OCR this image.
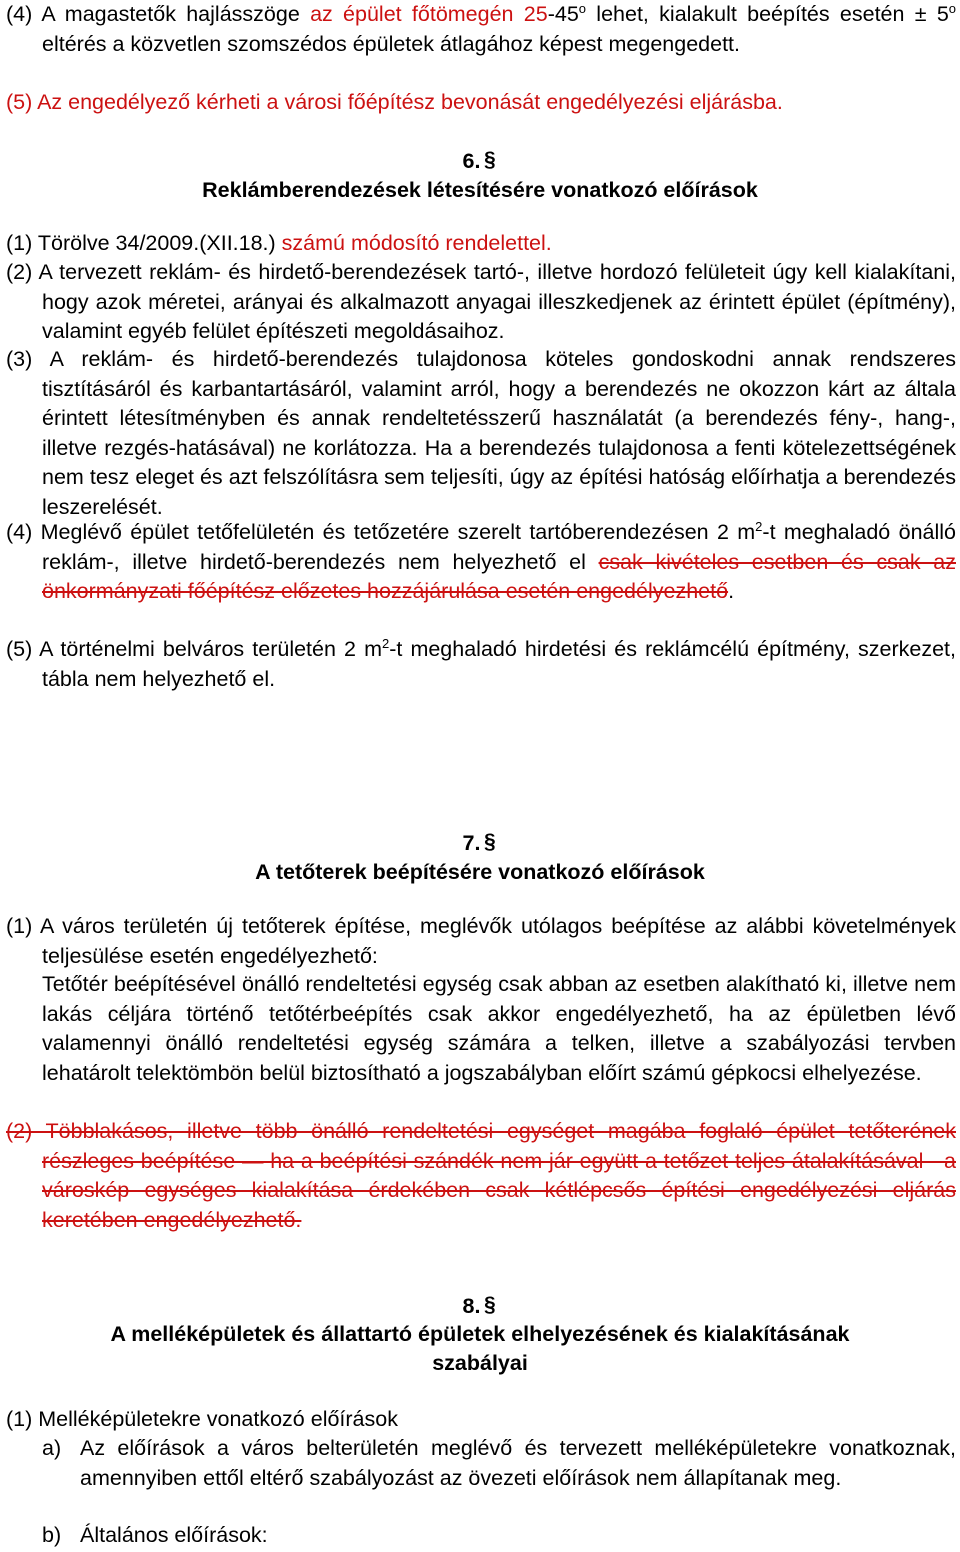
(4) A magastetők hajlásszöge az épület főtömegén 25-45$^o$ lehet, kialakult beépítés esetén ± $5^o$ eltérés a közvetlen szomszédos épületek átlagához képest megengedett.

(5) Az engedélyező kérheti a városi főépítész bevonását engedélyezési eljárásba.

6. §

Reklámberendezések létesítésére vonatkozó előírások

(1) Törölve 34/2009.(XII.18.) számú módosító rendelettel.

(2) A tervezett reklám- és hirdető-berendezések tartó-, illetve hordozó felületeit úgy kell kialakítani, hogy azok méretei, arányai és alkalmazott anyagai illeszkedjenek az érintett épület (építmény), valamint egyéb felület építészeti megoldásaihoz.

(3) A reklám- és hirdető-berendezés tulajdonosa köteles gondoskodni annak rendszeres tisztításáról és karbantartásáról, valamint arról, hogy a berendezés ne okozzon kárt az általa érintett létesítményben és annak rendeltetésszerű használatát (a berendezés fény-, hang-, illetve rezgés-hatásával) ne korlátozza. Ha a berendezés tulajdonosa a fenti kötelezettségének nem tesz eleget és azt felszólításra sem teljesíti, úgy az építési hatóság előírhatja a berendezés leszerelését.

(4) Meglévő épület tetőfelületén és tetőzetére szerelt tartóberendezésen 2 $m^2-t$ meghaladó önálló reklám-, illetve hirdető-berendezés nem helyezhető el csak kivételes esetben és csak az önkormányzati főépítész előzetes hozzájárulása esetén engedélyezhető.

(5) A történelmi belváros területén 2 $m^2-t$ meghaladó hirdetési és reklámcélú építmény, szerkezet, tábla nem helyezhető el.

7. §

A tetőterek beépítésére vonatkozó előírások

(1) A város területén új tetőterek építése, meglévők utólagos beépítése az alábbi követelmények teljesülése esetén engedélyezhető:

Tetőtér beépítésével önálló rendeltetési egység csak abban az esetben alakítható ki, illetve nem lakás céljára történő tetőtérbeépítés csak akkor engedélyezhető, ha az épületben lévő valamennyi önálló rendeltetési egység számára a telken, illetve a szabályozási tervben lehatárolt telektömbön belül biztosítható a jogszabályban előírt számú gépkocsi elhelyezése.

(2) Többlakásos, illetve több önálló rendeltetési egységet magába foglaló épület tetőterének részleges beépítése — ha a beépítési szándék nem jár együtt a tetőzet teljes átalakításával - a városkép egységes kialakítása érdekében csak kétlépcsős építési engedélyezési eljárás keretében engedélyezhető.

8. §

A melléképületek és állattartó épületek elhelyezésének és kialakításának

szabályai

(1) Melléképületekre vonatkozó előírások

a) Az előírások a város belterületén meglévő és tervezett melléképületekre vonatkoznak, amennyiben ettől eltérő szabályozást az övezeti előírások nem állapítanak meg.

b) Általános előírások:
